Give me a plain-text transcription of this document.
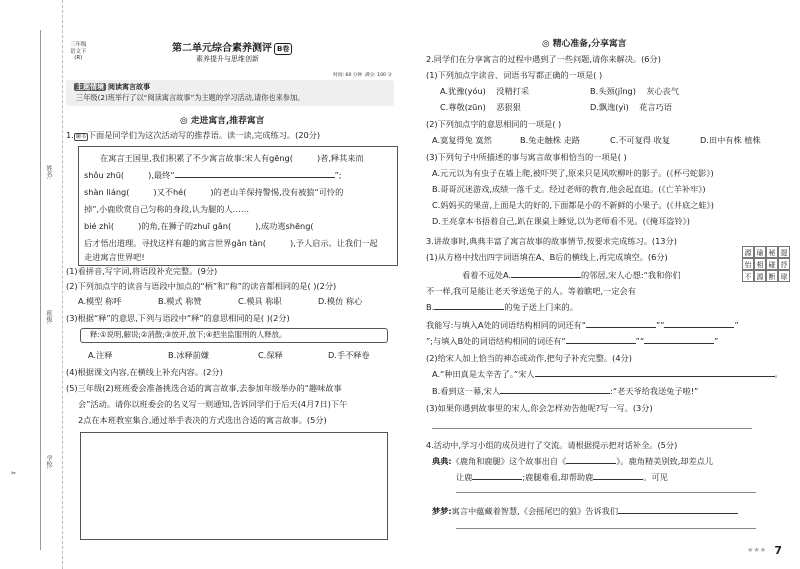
姓名:
班级:
学校:
✂
三年级
语文下
(R)
第二单元综合素养测评 B卷
素养提升与思维创新
时间: 60 分钟 满分: 100 分
主题情境 阅读寓言故事
三年级(2)班举行了以“阅读寓言故事”为主题的学习活动,请你也来参加。
◎ 走进寓言,推荐寓言
1. 聊书 下面是同学们为这次活动写的推荐语。读一读,完成练习。(20分)
在寓言王国里,我们积累了不少寓言故事:宋人有gēng(	)者,释其来而
shǒu zhū(	),最终“	”;
shàn liáng(	)又不hé(	)的老山羊保持警惕,没有被狼“可怜的
掉”,小鹿欣赏自己匀称的身段,认为腿的人……
bié zhì(	)的角,在狮子的zhuī gǎn(	),成功逃shēng(
后才悟出道理。寻找这样有趣的寓言世界gǎn tàn(	),予人启示。让我们一起
走进寓言世界吧!
(1)看拼音,写字词,将语段补充完整。(9分)
(2)下列加点字的读音与语段中加点的“柄”和“称”的读音都相同的是( )(2分)
A.模型 称呼	B.模式 称赞	C.模具 称职	D.模仿 称心
(3)根据“释”的意思,下列与语段中“释”的意思相同的是( )(2分)
释:①说明,解说;②消散;③放开,放下;④把坐监服刑的人释放。
A.注释	B.冰释前嫌	C.保释	D.手不释卷
(4)根据课文内容,在横线上补充内容。(2分)
(5)三年级(2)班班委会准备挑选合适的寓言故事,去参加年级举办的“趣味故事
会”活动。请你以班委会的名义写一则通知,告诉同学们于后天(4月7日)下午
2点在本班教室集合,通过举手表决的方式选出合适的寓言故事。(5分)
◎ 精心准备,分享寓言
2.同学们在分享寓言的过程中遇到了一些问题,请你来解决。(6分)
(1)下列加点字读音、词语书写都正确的一项是( )
A.犹豫(yóu) 没精打采	B.头颈(jǐng) 灰心丧气
C.尊敬(zūn) 恶狠狠	D.飘逸(yì) 花言巧语
(2)下列加点字的意思相同的一项是( )
A.寞复得兔 寞然	B.兔走触株 走路	C.不可复得 收复	D.田中有株 植株
(3)下列句子中所描述的事与寓言故事相恰当的一项是( )
A.元元以为有虫子在墙上爬,被吓哭了,原来只是风吹柳叶的影子。(《杯弓蛇影》)
B.哥哥沉迷游戏,成绩一落千丈。经过老师的教育,他会起直追。(《亡羊补牢》)
C.妈妈买的果苗,上面是大的好的,下面都是小的不新鲜的小果子。(《井底之蛙》)
D.王亮拿本书捂着自己,趴在课桌上睡觉,以为老师看不见。(《掩耳盗铃》)
3.讲故事时,典典丰富了寓言故事的故事情节,按要求完成练习。(13分)
(1)从方格中找出四字词语填在A、B后的横线上,再完成填空。(6分)	源 瑜 秘 提
怡 相 碰 抒
不 源 断 球
看着不远处A.	的邻居,宋人心想:“我和你们
不一样,我可是能让老天爷送兔子的人。等着瞧吧,一定会有
B.	的兔子送上门来的。
我能写:与填入A处的词语结构相同的词还有“	”“	”
”;与填入B处的词语结构相同的词还有“	”“	”
(2)给宋人加上恰当的神态或动作,把句子补充完整。(4分)
A.“种田真是太辛苦了。”宋人	。
B.看到这一幕,宋人	:“老天爷给我送兔子啦!”
(3)如果你遇到故事里的宋人,你会怎样劝告他呢?写一写。(3分)
4.活动中,学习小组的成员进行了交流。请根据提示把对话补全。(5分)
典典:《鹿角和鹿腿》这个故事出自《	》。鹿角精美别致,却差点儿
让鹿	;鹿腿难看,却帮助鹿	。可见
梦梦:寓言中蕴藏着智慧,《会摇尾巴的狼》告诉我们
★★★ 7
